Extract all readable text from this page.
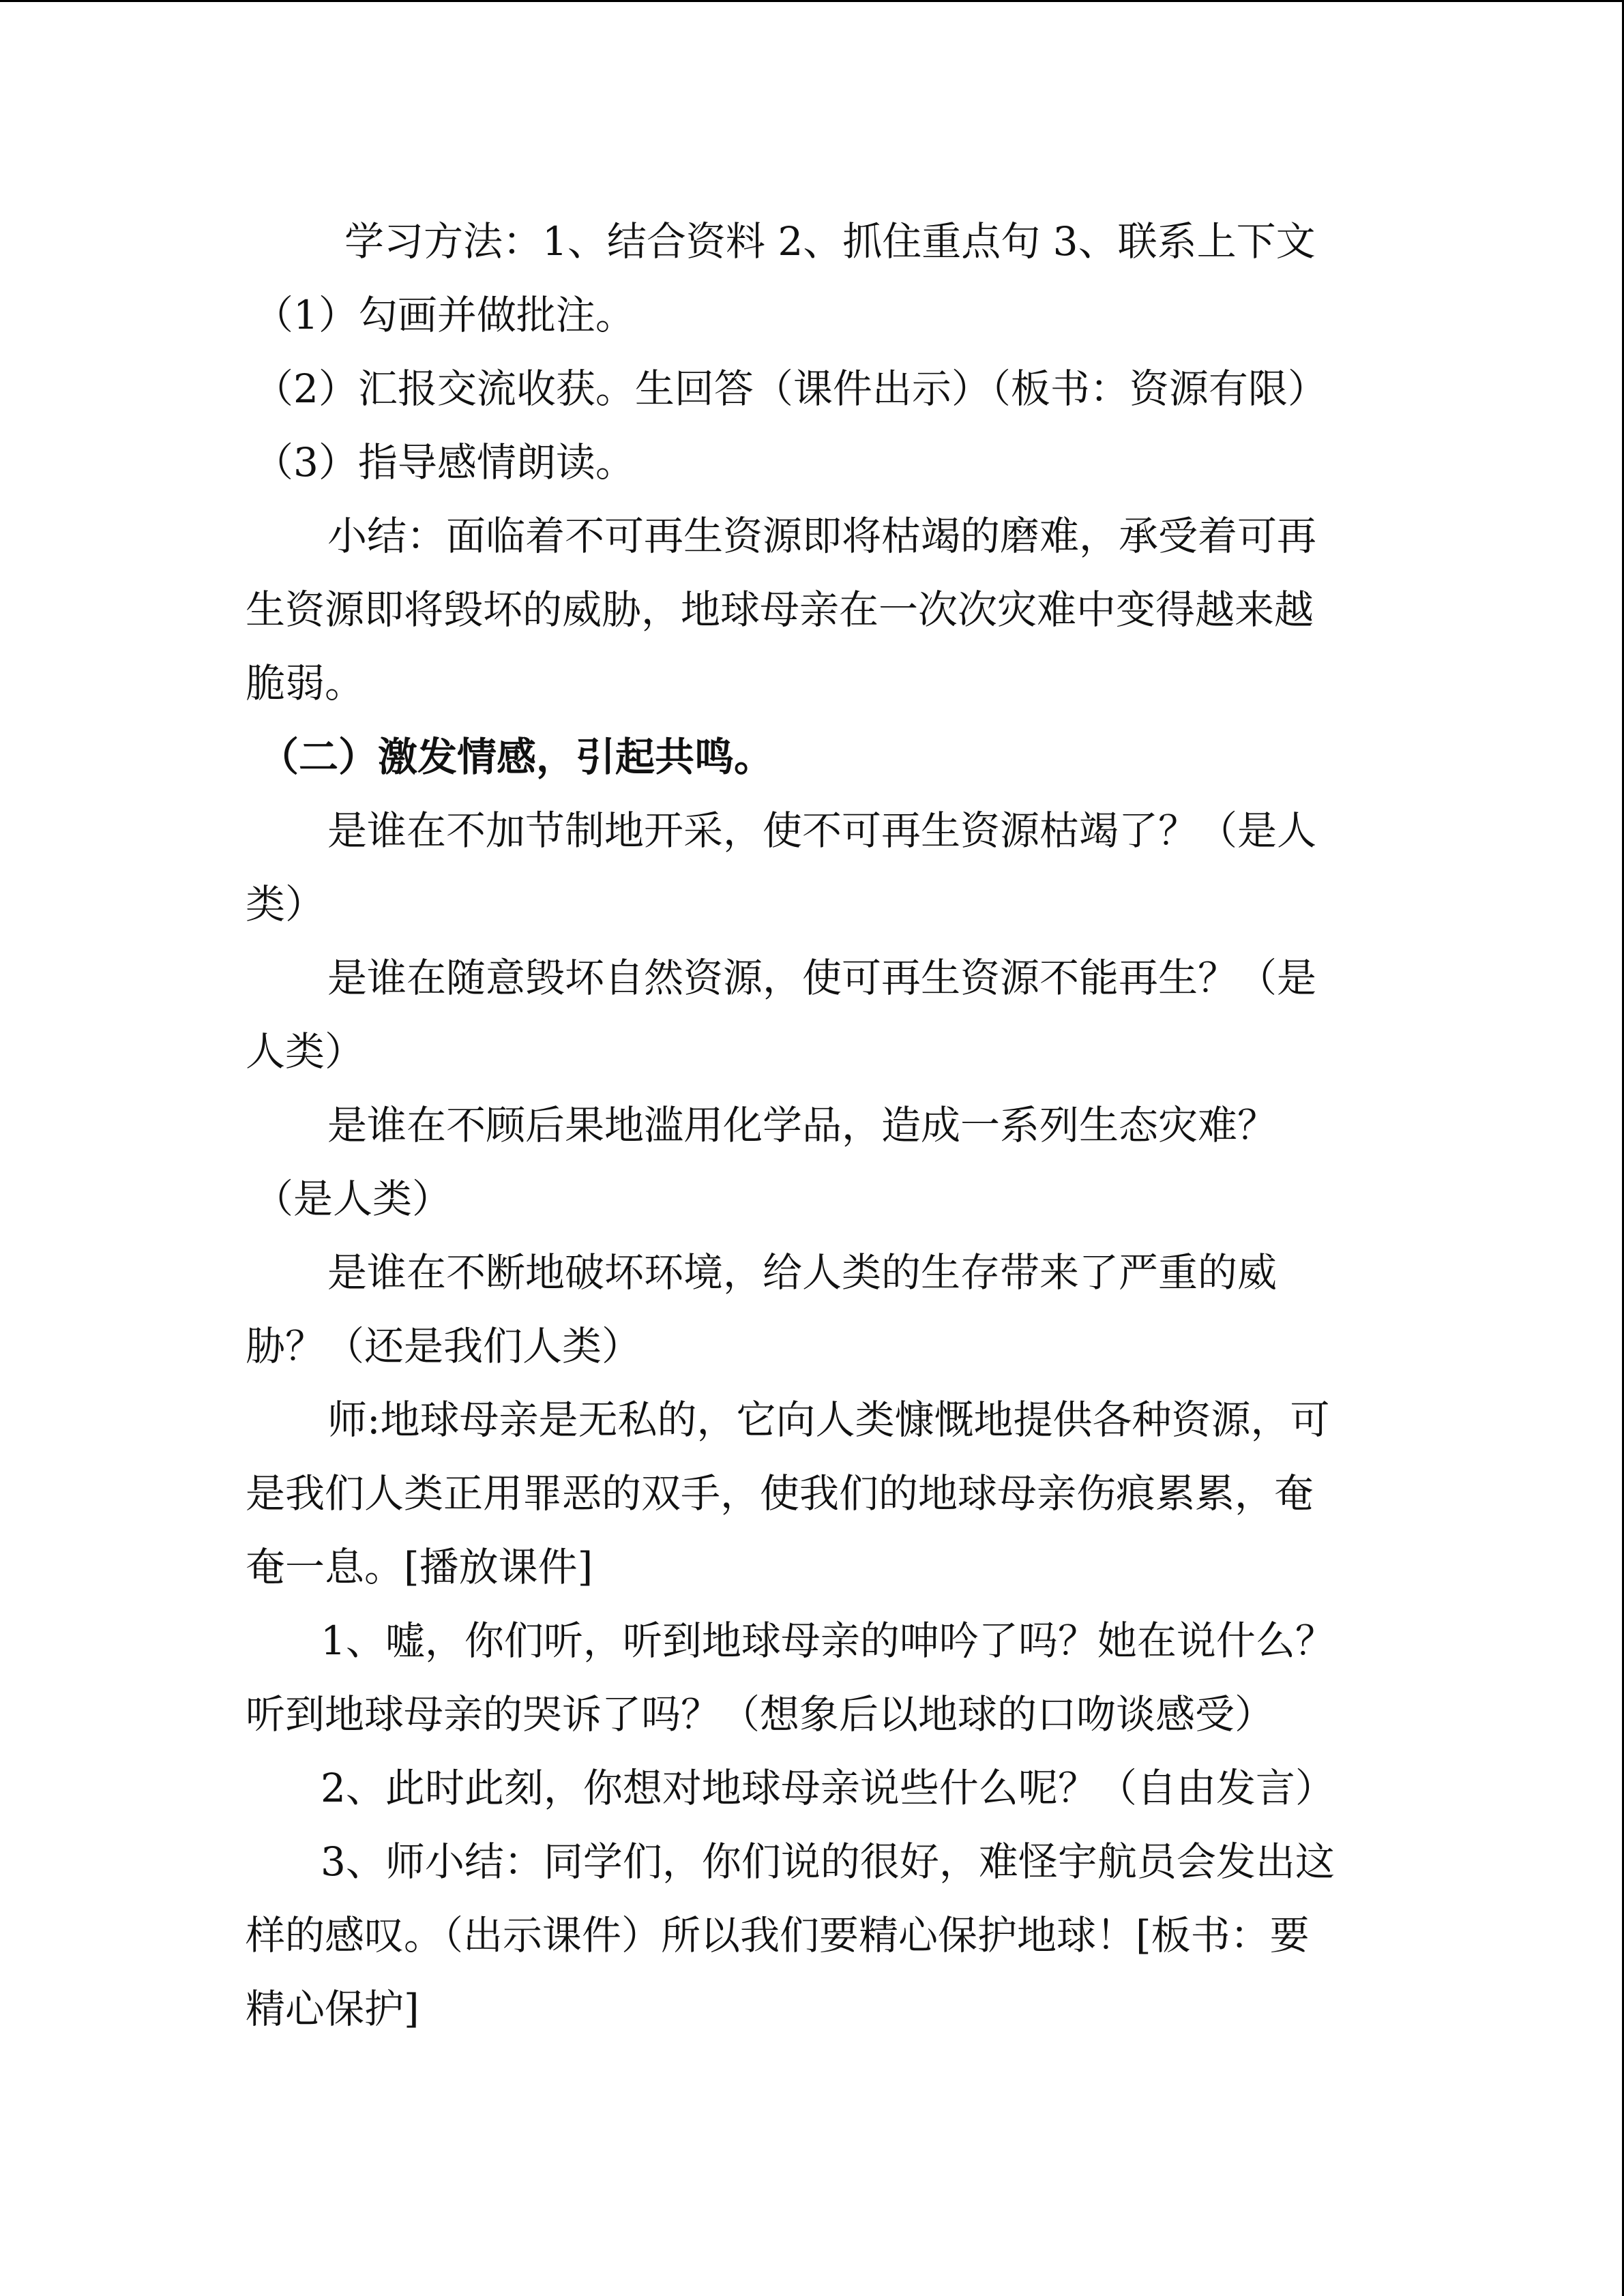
学习方法：1、结合资料 2、抓住重点句 3、联系上下文
（1）勾画并做批注。
（2）汇报交流收获。生回答（课件出示）（板书：资源有限）
（3）指导感情朗读。
小结：面临着不可再生资源即将枯竭的磨难，承受着可再
生资源即将毁坏的威胁，地球母亲在一次次灾难中变得越来越
脆弱。
（二）激发情感，引起共鸣。
是谁在不加节制地开采，使不可再生资源枯竭了？（是人
类）
是谁在随意毁坏自然资源，使可再生资源不能再生？（是
人类）
是谁在不顾后果地滥用化学品，造成一系列生态灾难？
（是人类）
是谁在不断地破坏环境，给人类的生存带来了严重的威
胁？（还是我们人类）
师:地球母亲是无私的，它向人类慷慨地提供各种资源，可
是我们人类正用罪恶的双手，使我们的地球母亲伤痕累累，奄
奄一息。[播放课件]
1、嘘，你们听，听到地球母亲的呻吟了吗？她在说什么？
听到地球母亲的哭诉了吗？（想象后以地球的口吻谈感受）
2、此时此刻，你想对地球母亲说些什么呢？（自由发言）
3、师小结：同学们，你们说的很好，难怪宇航员会发出这
样的感叹。（出示课件）所以我们要精心保护地球！[板书：要
精心保护]
